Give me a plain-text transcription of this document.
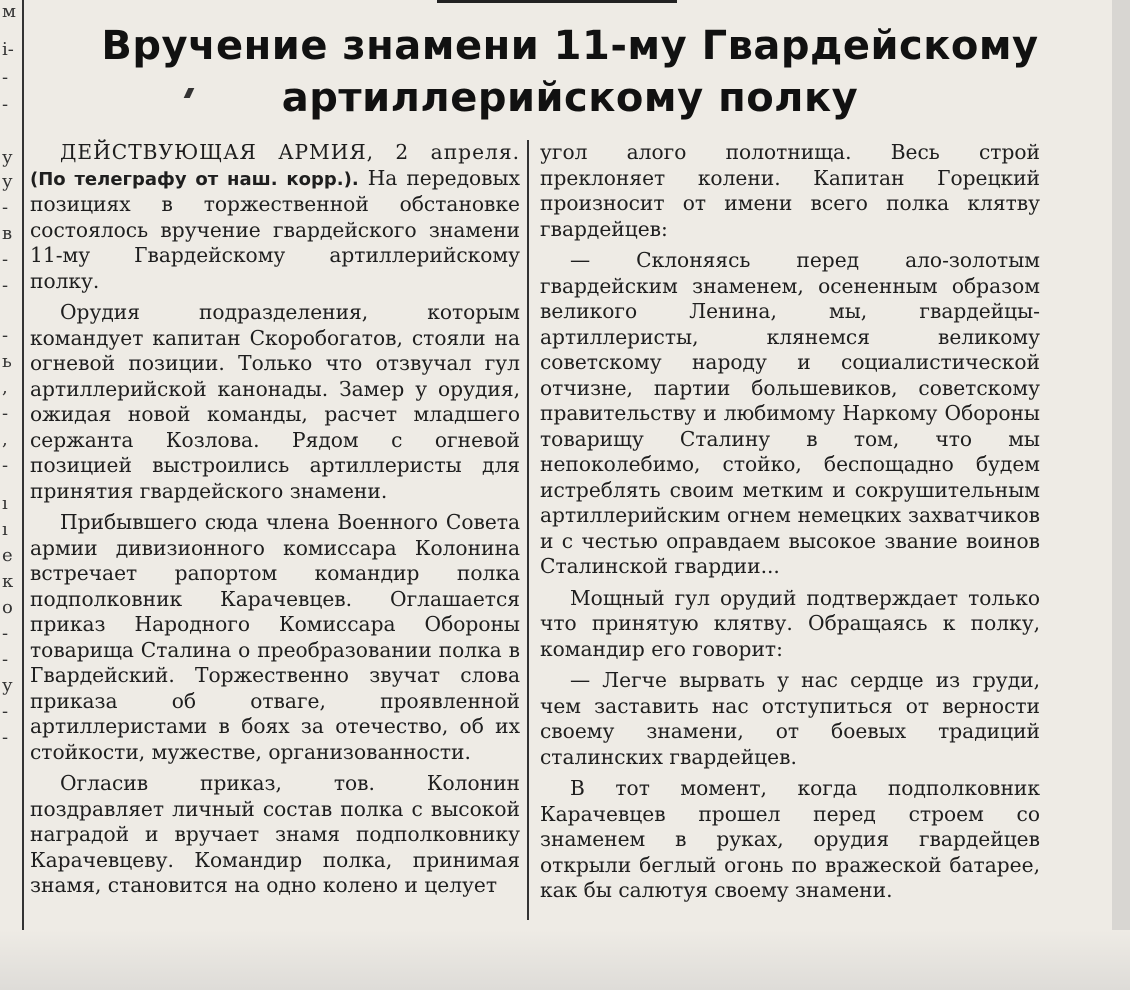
м
i-
-
-
у
у
-
в
-
-
-
ь
,
-
,
-
ı
ı
е
к
о
-
-
у
-
-
Вручение знамени 11-му Гвардейскому
артиллерийскому полку

ДЕЙСТВУЮЩАЯ АРМИЯ, 2 апреля. (По телеграфу от наш. корр.). На передовых позициях в торжественной обстановке состоялось вручение гвардейского знамени 11-му Гвардейскому артиллерийскому полку.

Орудия подразделения, которым командует капитан Скоробогатов, стояли на огневой позиции. Только что отзвучал гул артиллерийской канонады. Замер у орудия, ожидая новой команды, расчет младшего сержанта Козлова. Рядом с огневой позицией выстроились артиллеристы для принятия гвардейского знамени.

Прибывшего сюда члена Военного Совета армии дивизионного комиссара Колонина встречает рапортом командир полка подполковник Карачевцев. Оглашается приказ Народного Комиссара Обороны товарища Сталина о преобразовании полка в Гвардейский. Торжественно звучат слова приказа об отваге, проявленной артиллеристами в боях за отечество, об их стойкости, мужестве, организованности.

Огласив приказ, тов. Колонин поздравляет личный состав полка с высокой наградой и вручает знамя подполковнику Карачевцеву. Командир полка, принимая знамя, становится на одно колено и целует

угол алого полотнища. Весь строй преклоняет колени. Капитан Горецкий произносит от имени всего полка клятву гвардейцев:

— Склоняясь перед ало-золотым гвардейским знаменем, осененным образом великого Ленина, мы, гвардейцы-артиллеристы, клянемся великому советскому народу и социалистической отчизне, партии большевиков, советскому правительству и любимому Наркому Обороны товарищу Сталину в том, что мы непоколебимо, стойко, беспощадно будем истреблять своим метким и сокрушительным артиллерийским огнем немецких захватчиков и с честью оправдаем высокое звание воинов Сталинской гвардии...

Мощный гул орудий подтверждает только что принятую клятву. Обращаясь к полку, командир его говорит:

— Легче вырвать у нас сердце из груди, чем заставить нас отступиться от верности своему знамени, от боевых традиций сталинских гвардейцев.

В тот момент, когда подполковник Карачевцев прошел перед строем со знаменем в руках, орудия гвардейцев открыли беглый огонь по вражеской батарее, как бы салютуя своему знамени.
